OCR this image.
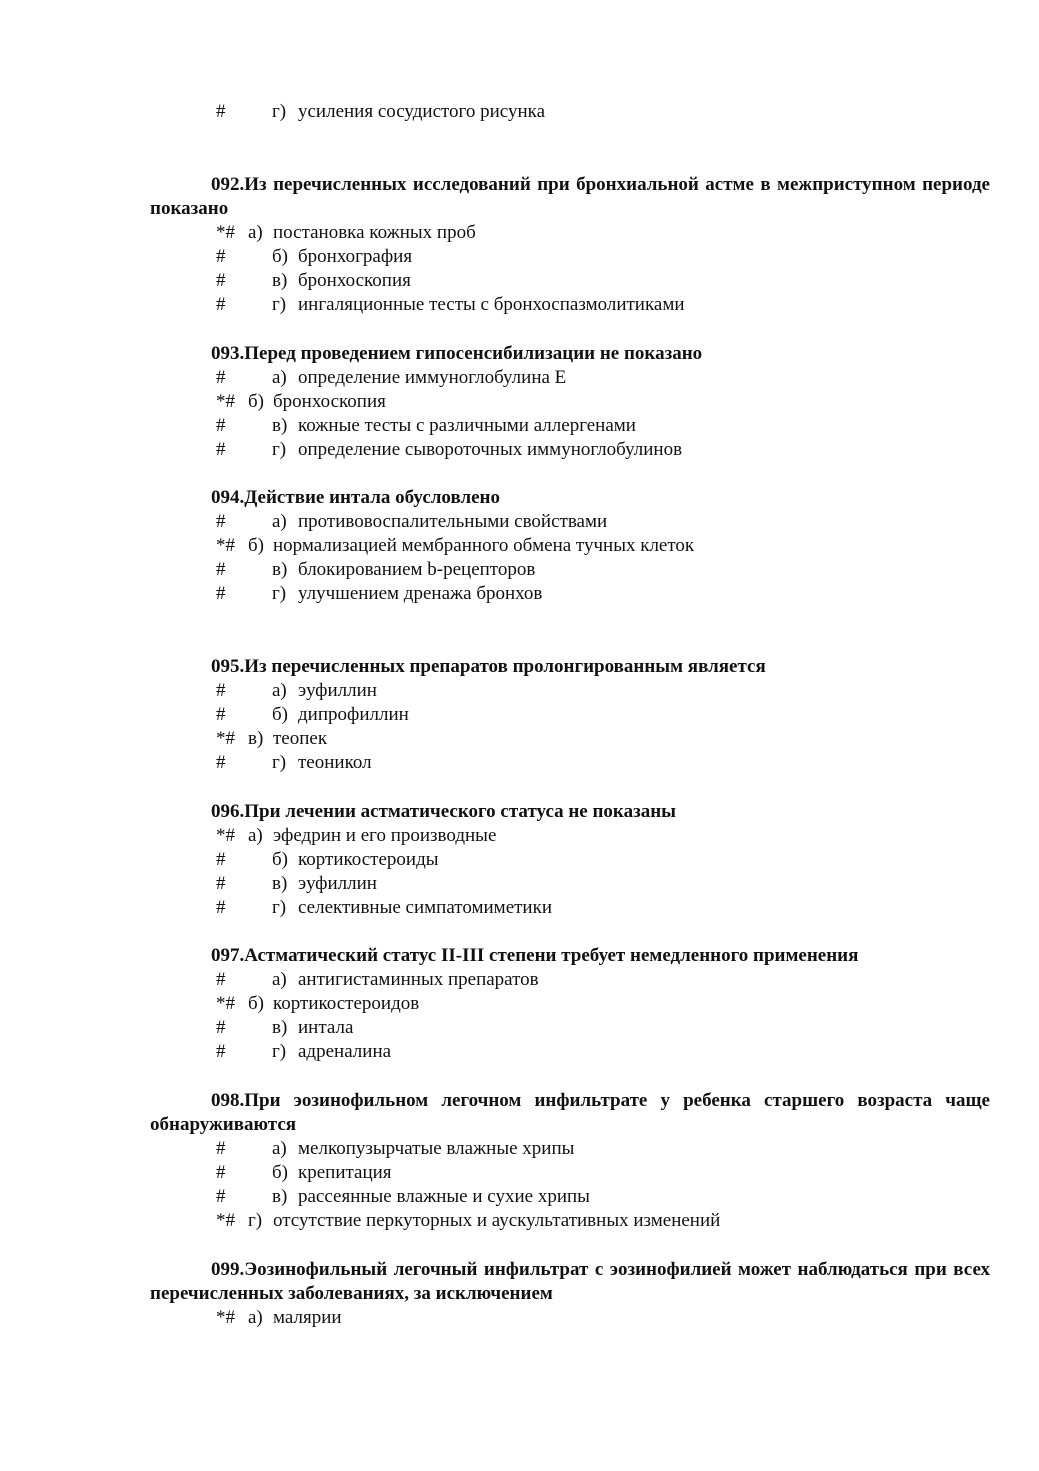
# г) усиления сосудистого рисунка
092.Из перечисленных исследований при бронхиальной астме в межприступном периоде показано
*# а) постановка кожных проб
# б) бронхография
# в) бронхоскопия
# г) ингаляционные тесты с бронхоспазмолитиками
093.Перед проведением гипосенсибилизации не показано
# а) определение иммуноглобулина Е
*# б) бронхоскопия
# в) кожные тесты с различными аллергенами
# г) определение сывороточных иммуноглобулинов
094.Действие интала обусловлено
# а) противовоспалительными свойствами
*# б) нормализацией мембранного обмена тучных клеток
# в) блокированием b-рецепторов
# г) улучшением дренажа бронхов
095.Из перечисленных препаратов пролонгированным является
# а) эуфиллин
# б) дипрофиллин
*# в) теопек
# г) теоникол
096.При лечении астматического статуса не показаны
*# а) эфедрин и его производные
# б) кортикостероиды
# в) эуфиллин
# г) селективные симпатомиметики
097.Астматический статус II-III степени требует немедленного применения
# а) антигистаминных препаратов
*# б) кортикостероидов
# в) интала
# г) адреналина
098.При эозинофильном легочном инфильтрате у ребенка старшего возраста чаще обнаруживаются
# а) мелкопузырчатые влажные хрипы
# б) крепитация
# в) рассеянные влажные и сухие хрипы
*# г) отсутствие перкуторных и аускультативных изменений
099.Эозинофильный легочный инфильтрат с эозинофилией может наблюдаться при всех перечисленных заболеваниях, за исключением
*# а) малярии
